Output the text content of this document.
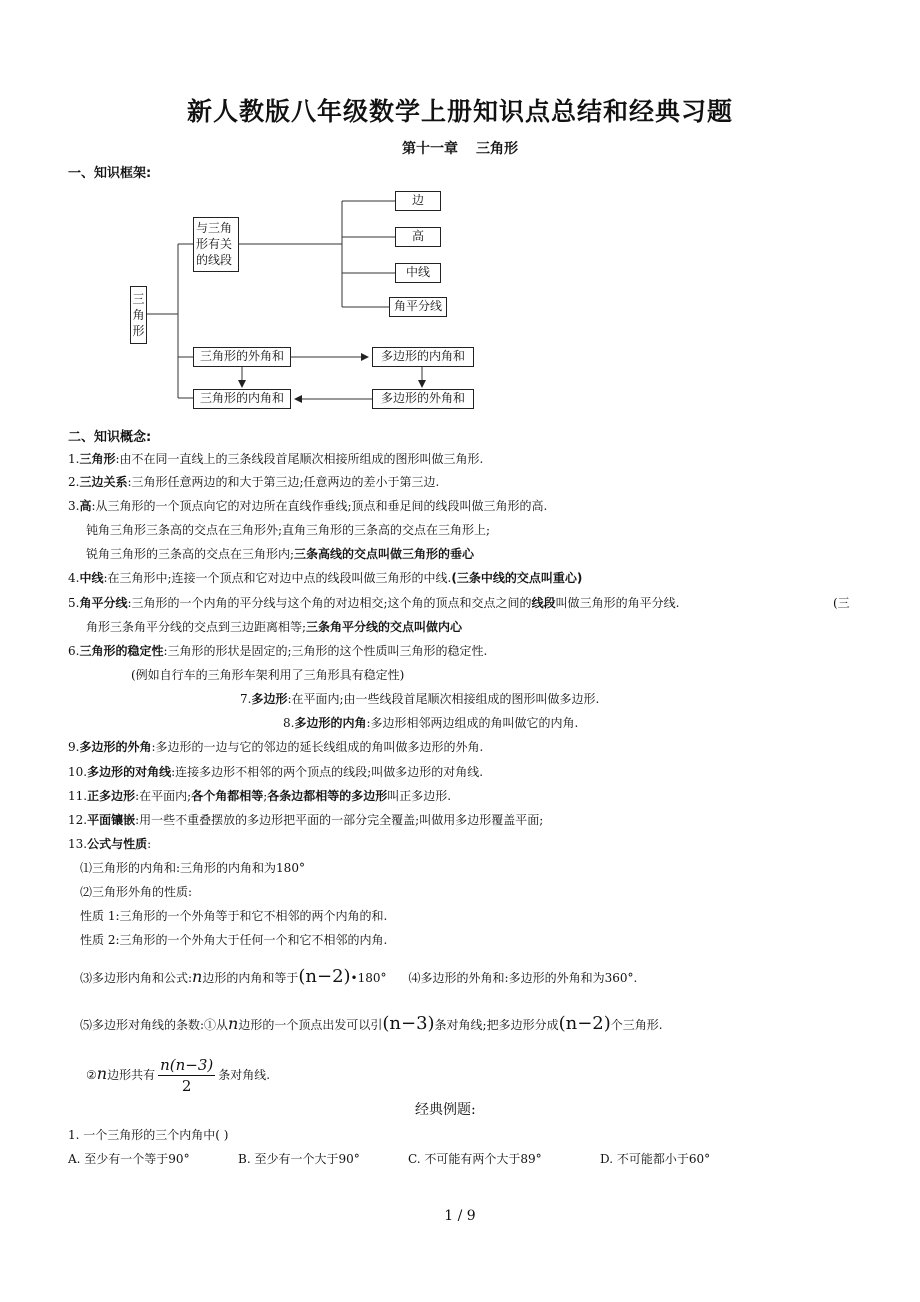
新人教版八年级数学上册知识点总结和经典习题
第十一章 三角形
一、知识框架:
三
角
形
与三角
形有关
的线段
边
高
中线
角平分线
三角形的外角和
三角形的内角和
多边形的内角和
多边形的外角和
二、知识概念:
1.三角形:由不在同一直线上的三条线段首尾顺次相接所组成的图形叫做三角形.
2.三边关系:三角形任意两边的和大于第三边;任意两边的差小于第三边.
3.高:从三角形的一个顶点向它的对边所在直线作垂线;顶点和垂足间的线段叫做三角形的高.
钝角三角形三条高的交点在三角形外;直角三角形的三条高的交点在三角形上;
锐角三角形的三条高的交点在三角形内;三条高线的交点叫做三角形的垂心
4.中线:在三角形中;连接一个顶点和它对边中点的线段叫做三角形的中线.(三条中线的交点叫重心)
5.角平分线:三角形的一个内角的平分线与这个角的对边相交;这个角的顶点和交点之间的线段叫做三角形的角平分线.	(三
角形三条角平分线的交点到三边距离相等;三条角平分线的交点叫做内心
6.三角形的稳定性:三角形的形状是固定的;三角形的这个性质叫三角形的稳定性.
(例如自行车的三角形车架利用了三角形具有稳定性)
7.多边形:在平面内;由一些线段首尾顺次相接组成的图形叫做多边形.
8.多边形的内角:多边形相邻两边组成的角叫做它的内角.
9.多边形的外角:多边形的一边与它的邻边的延长线组成的角叫做多边形的外角.
10.多边形的对角线:连接多边形不相邻的两个顶点的线段;叫做多边形的对角线.
11.正多边形:在平面内;各个角都相等;各条边都相等的多边形叫正多边形.
12.平面镶嵌:用一些不重叠摆放的多边形把平面的一部分完全覆盖;叫做用多边形覆盖平面;
13.公式与性质:
⑴三角形的内角和:三角形的内角和为180°
⑵三角形外角的性质:
性质 1:三角形的一个外角等于和它不相邻的两个内角的和.
性质 2:三角形的一个外角大于任何一个和它不相邻的内角.
⑶多边形内角和公式:n边形的内角和等于(n−2)•180° ⑷多边形的外角和:多边形的外角和为360°.
⑸多边形对角线的条数:①从n边形的一个顶点出发可以引(n−3)条对角线;把多边形分成(n−2)个三角形.
②n边形共有 $\frac{n(n-3)}{2}$ 条对角线.
经典例题:
1. 一个三角形的三个内角中( )
A. 至少有一个等于90°	B. 至少有一个大于90°	C. 不可能有两个大于89°	D. 不可能都小于60°
1 / 9
